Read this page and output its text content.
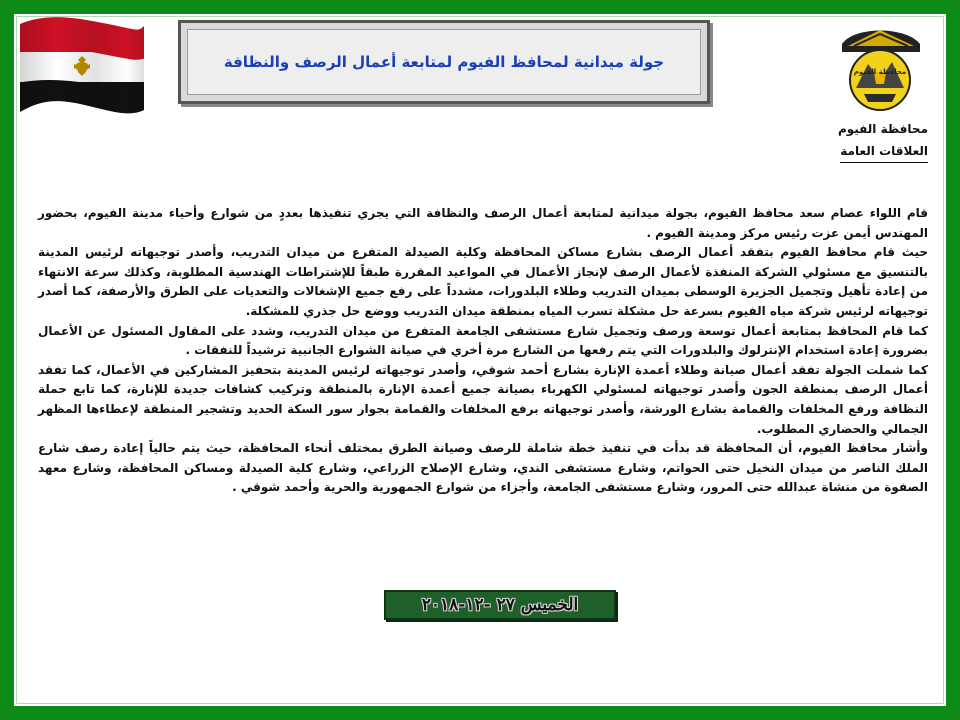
جولة ميدانية لمحافظ الفيوم لمتابعة أعمال الرصف والنظافة
محافظة الفيوم
محافظة الفيوم
العلاقات العامة

قام اللواء عصام سعد محافظ الفيوم، بجولة ميدانية لمتابعة أعمال الرصف والنظافة التي يجري تنفيذها بعددٍ من شوارع وأحياء مدينة الفيوم، بحضور المهندس أيمن عزت رئيس مركز ومدينة الفيوم .

حيث قام محافظ الفيوم بتفقد أعمال الرصف بشارع مساكن المحافظة وكلية الصيدلة المتفرع من ميدان التدريب، وأصدر توجيهاته لرئيس المدينة بالتنسيق مع مسئولي الشركة المنفذة لأعمال الرصف لإنجاز الأعمال في المواعيد المقررة طبقاً للإشتراطات الهندسية المطلوبة، وكذلك سرعة الانتهاء من إعادة تأهيل وتجميل الجزيرة الوسطى بميدان التدريب وطلاء البلدورات، مشدداً على رفع جميع الإشغالات والتعديات على الطرق والأرصفة، كما أصدر توجيهاته لرئيس شركة مياه الفيوم بسرعة حل مشكلة تسرب المياه بمنطقة ميدان التدريب ووضع حل جذري للمشكلة.

كما قام المحافظ بمتابعة أعمال توسعة ورصف وتجميل شارع مستشفى الجامعة المتفرع من ميدان التدريب، وشدد على المقاول المسئول عن الأعمال بضرورة إعادة استخدام الإنترلوك والبلدورات التي يتم رفعها من الشارع مرة أخري في صيانة الشوارع الجانبية ترشيداً للنفقات .

كما شملت الجولة تفقد أعمال صيانة وطلاء أعمدة الإنارة بشارع أحمد شوقي، وأصدر توجيهاته لرئيس المدينة بتحفيز المشاركين في الأعمال، كما تفقد أعمال الرصف بمنطقة الجون وأصدر توجيهاته لمسئولي الكهرباء بصيانة جميع أعمدة الإنارة بالمنطقة وتركيب كشافات جديدة للإنارة، كما تابع حملة النظافة ورفع المخلفات والقمامة بشارع الورشة، وأصدر توجيهاته برفع المخلفات والقمامة بجوار سور السكة الحديد وتشجير المنطقة لإعطاءها المظهر الجمالي والحضاري المطلوب.

وأشار محافظ الفيوم، أن المحافظة قد بدأت في تنفيذ خطة شاملة للرصف وصيانة الطرق بمختلف أنحاء المحافظة، حيث يتم حالياً إعادة رصف شارع الملك الناصر من ميدان النخيل حتى الحواتم، وشارع مستشفى الندي، وشارع الإصلاح الزراعي، وشارع كلية الصيدلة ومساكن المحافظة، وشارع معهد الصفوة من منشاة عبدالله حتى المرور، وشارع مستشفى الجامعة، وأجزاء من شوارع الجمهورية والحرية وأحمد شوقي .

الخميس ٢٧ -١٢-٢٠١٨
